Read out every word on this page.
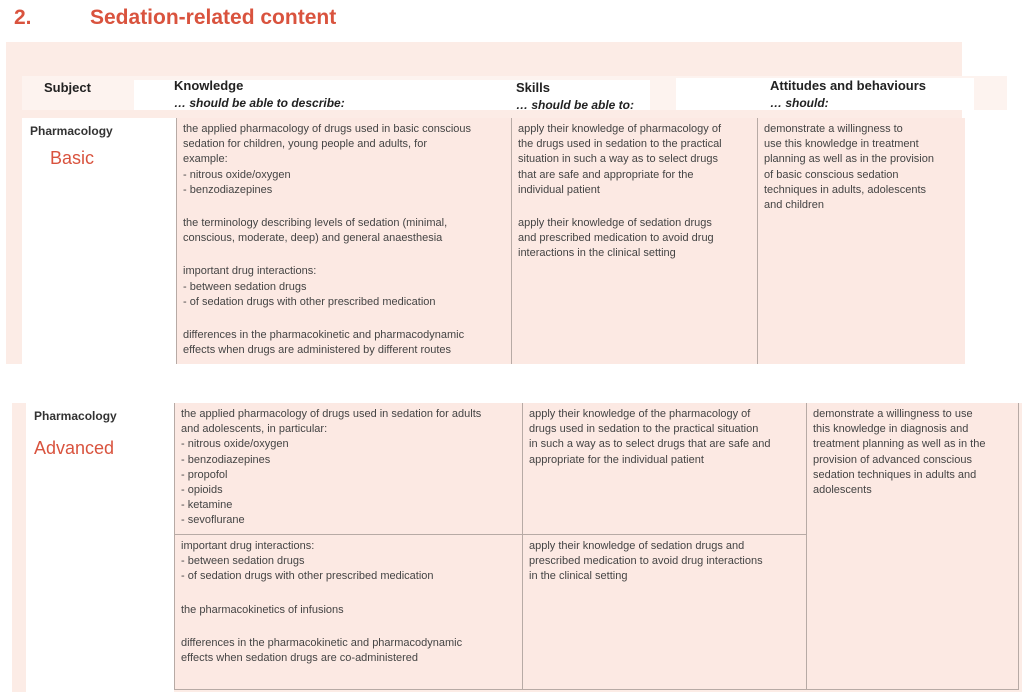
2.	Sedation-related content
Subject	Knowledge
… should be able to describe:
Skills
… should be able to:
Attitudes and behaviours
… should:
Pharmacology
Basic

the applied pharmacology of drugs used in basic conscious
sedation for children, young people and adults, for
example:
- nitrous oxide/oxygen
- benzodiazepines

the terminology describing levels of sedation (minimal,
conscious, moderate, deep) and general anaesthesia

important drug interactions:
- between sedation drugs
- of sedation drugs with other prescribed medication

differences in the pharmacokinetic and pharmacodynamic
effects when drugs are administered by different routes

apply their knowledge of pharmacology of
the drugs used in sedation to the practical
situation in such a way as to select drugs
that are safe and appropriate for the
individual patient

apply their knowledge of sedation drugs
and prescribed medication to avoid drug
interactions in the clinical setting

demonstrate a willingness to
use this knowledge in treatment
planning as well as in the provision
of basic conscious sedation
techniques in adults, adolescents
and children

Pharmacology
Advanced

the applied pharmacology of drugs used in sedation for adults
and adolescents, in particular:
- nitrous oxide/oxygen
- benzodiazepines
- propofol
- opioids
- ketamine
- sevoflurane

apply their knowledge of the pharmacology of
drugs used in sedation to the practical situation
in such a way as to select drugs that are safe and
appropriate for the individual patient

important drug interactions:
- between sedation drugs
- of sedation drugs with other prescribed medication

the pharmacokinetics of infusions

differences in the pharmacokinetic and pharmacodynamic
effects when sedation drugs are co-administered

apply their knowledge of sedation drugs and
prescribed medication to avoid drug interactions
in the clinical setting

demonstrate a willingness to use
this knowledge in diagnosis and
treatment planning as well as in the
provision of advanced conscious
sedation techniques in adults and
adolescents
